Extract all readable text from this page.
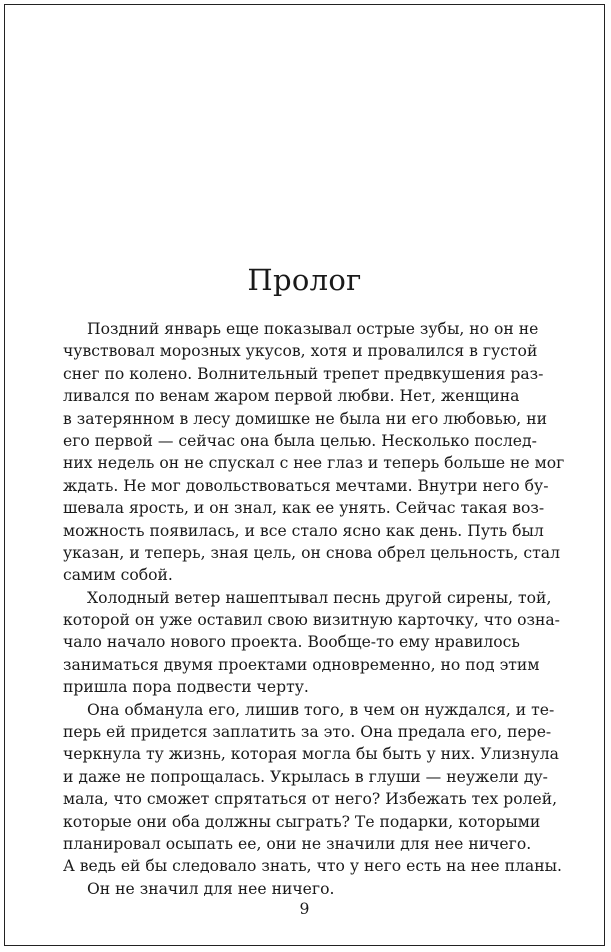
Пролог
Поздний январь еще показывал острые зубы, но он не
чувствовал морозных укусов, хотя и провалился в густой
снег по колено. Волнительный трепет предвкушения раз-
ливался по венам жаром первой любви. Нет, женщина
в затерянном в лесу домишке не была ни его любовью, ни
его первой — сейчас она была целью. Несколько послед-
них недель он не спускал с нее глаз и теперь больше не мог
ждать. Не мог довольствоваться мечтами. Внутри него бу-
шевала ярость, и он знал, как ее унять. Сейчас такая воз-
можность появилась, и все стало ясно как день. Путь был
указан, и теперь, зная цель, он снова обрел цельность, стал
самим собой.
Холодный ветер нашептывал песнь другой сирены, той,
которой он уже оставил свою визитную карточку, что озна-
чало начало нового проекта. Вообще-то ему нравилось
заниматься двумя проектами одновременно, но под этим
пришла пора подвести черту.
Она обманула его, лишив того, в чем он нуждался, и те-
перь ей придется заплатить за это. Она предала его, пере-
черкнула ту жизнь, которая могла бы быть у них. Улизнула
и даже не попрощалась. Укрылась в глуши — неужели ду-
мала, что сможет спрятаться от него? Избежать тех ролей,
которые они оба должны сыграть? Те подарки, которыми
планировал осыпать ее, они не значили для нее ничего.
А ведь ей бы следовало знать, что у него есть на нее планы.
Он не значил для нее ничего.
9
